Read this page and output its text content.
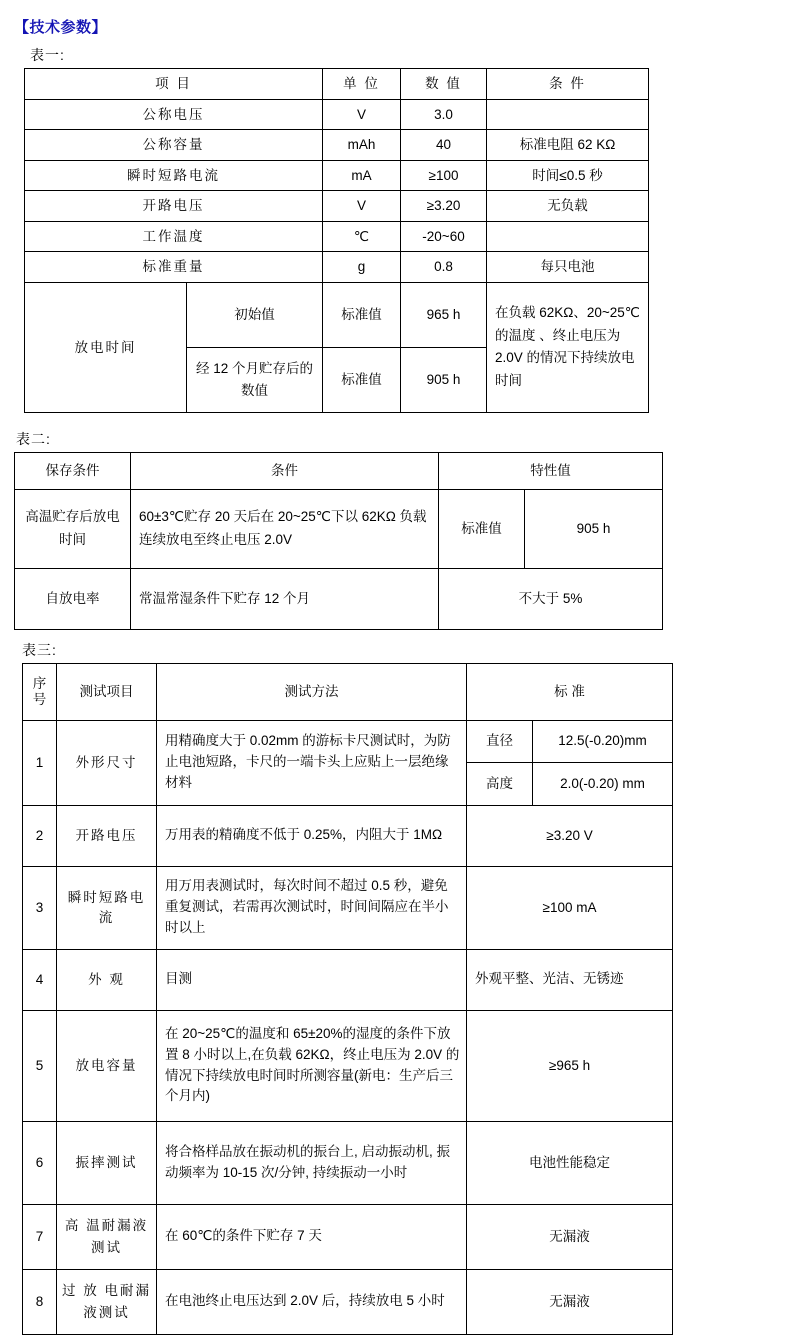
【技术参数】
表一:
项 目		单 位	数 值	条 件
公称电压		V	3.0	
公称容量		mAh	40	标准电阻 62 KΩ
瞬时短路电流		mA	≥100	时间≤0.5 秒
开路电压		V	≥3.20	无负载
工作温度		℃	-20~60	
标准重量		g	0.8	每只电池
放电时间	初始值	标准值	965 h	在负载 62KΩ、20~25℃ 的温度 、终止电压为 2.0V 的情况下持续放电时间
	经 12 个月贮存后的数值	标准值	905 h	
表二:
保存条件	条件	特性值	
高温贮存后放电时间	60±3℃贮存 20 天后在 20~25℃下以 62KΩ 负载连续放电至终止电压 2.0V	标准值	905 h
自放电率	常温常湿条件下贮存 12 个月	不大于 5%	
表三:
序号	测试项目	测试方法	标 准	
1	外形尺寸	用精确度大于 0.02mm 的游标卡尺测试时，为防止电池短路，卡尺的一端卡头上应贴上一层绝缘材料	直径	12.5(-0.20)mm
			高度	2.0(-0.20) mm
2	开路电压	万用表的精确度不低于 0.25%，内阻大于 1MΩ	≥3.20 V	
3	瞬时短路电 流	用万用表测试时，每次时间不超过 0.5 秒，避免重复测试，若需再次测试时，时间间隔应在半小时以上	≥100 mA	
4	外 观	目测	外观平整、光洁、无锈迹	
5	放电容量	在 20~25℃的温度和 65±20%的湿度的条件下放置 8 小时以上,在负载 62KΩ，终止电压为 2.0V 的情况下持续放电时间时所测容量(新电：生产后三个月内)	≥965 h	
6	振摔测试	将合格样品放在振动机的振台上, 启动振动机, 振动频率为 10-15 次/分钟, 持续振动一小时	电池性能稳定	
7	高 温耐漏液测试	在 60℃的条件下贮存 7 天	无漏液	
8	过 放 电耐漏液测试	在电池终止电压达到 2.0V 后，持续放电 5 小时	无漏液	
